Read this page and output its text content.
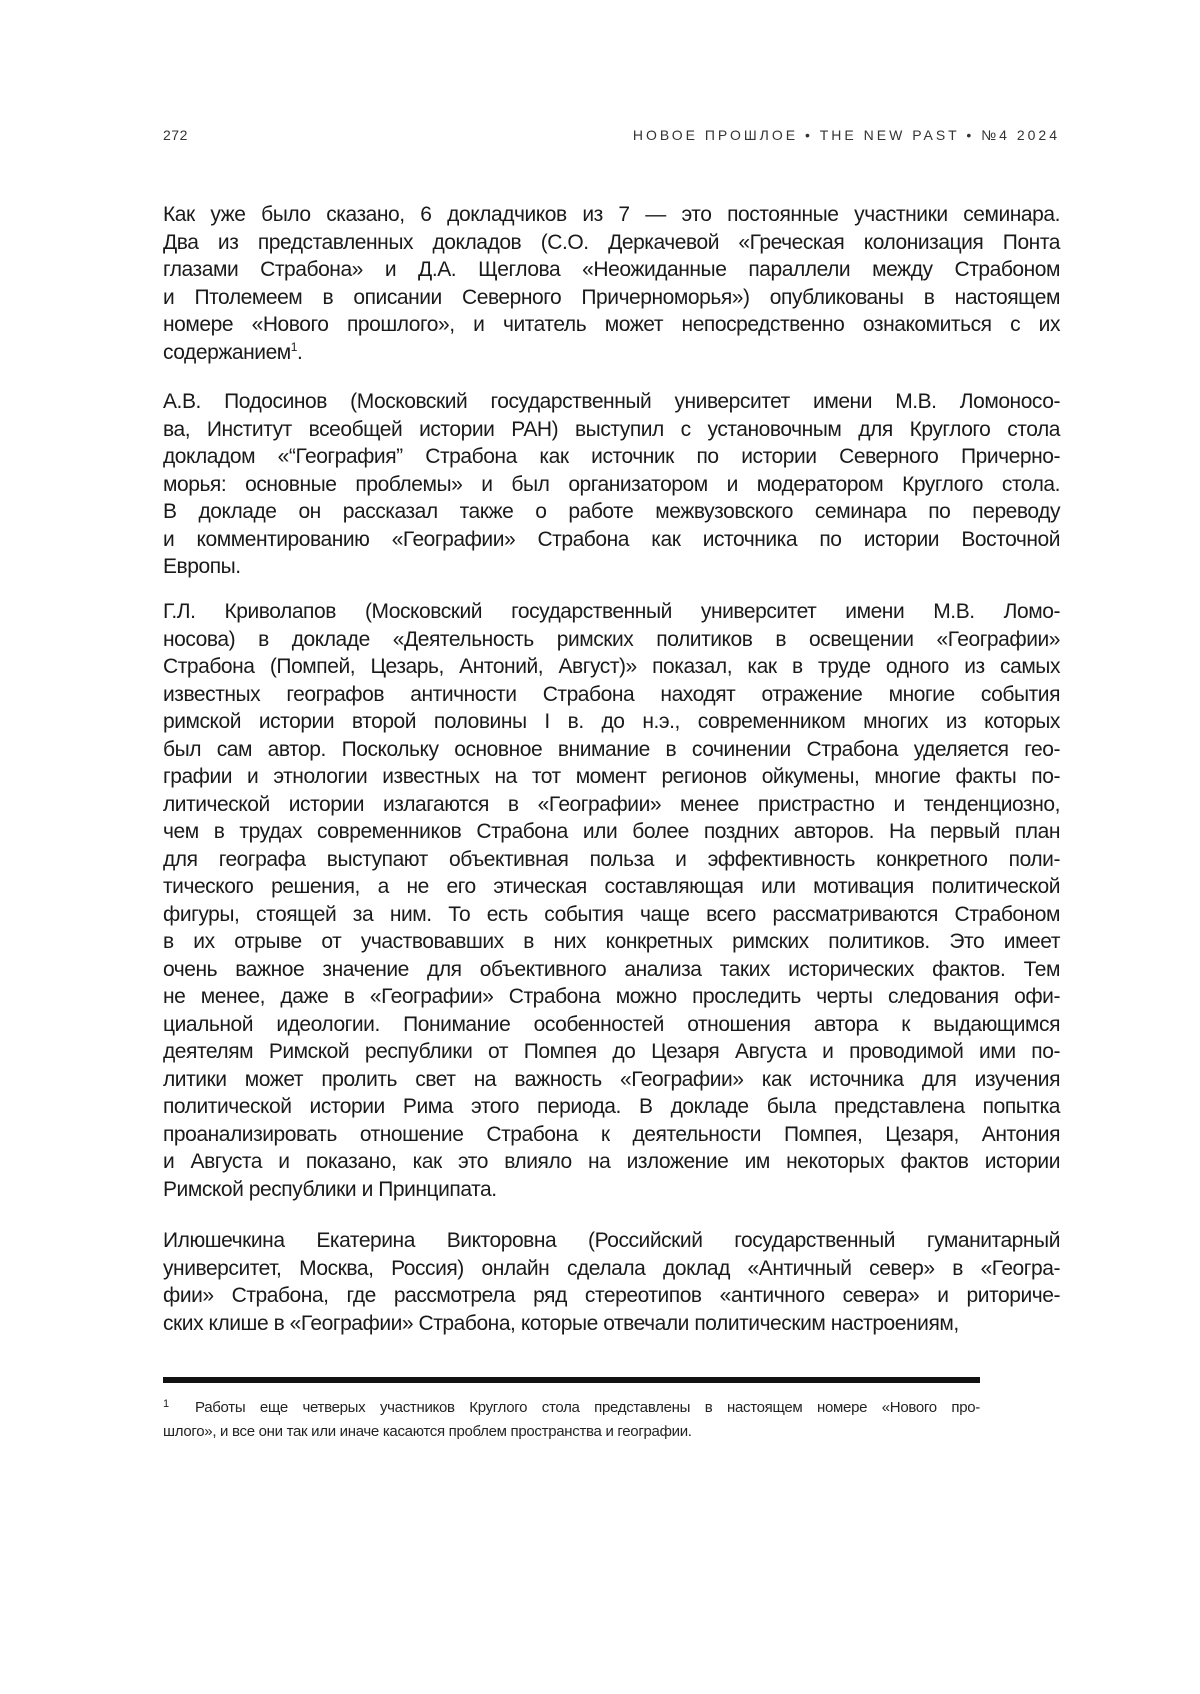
272	НОВОЕ ПРОШЛОЕ • THE NEW PAST • №4 2024
Как уже было сказано, 6 докладчиков из 7 — это постоянные участники семинара.
Два из представленных докладов (С.О. Деркачевой «Греческая колонизация Понта
глазами Страбона» и Д.А. Щеглова «Неожиданные параллели между Страбоном
и Птолемеем в описании Северного Причерноморья») опубликованы в настоящем
номере «Нового прошлого», и читатель может непосредственно ознакомиться с их
содержанием1.
А.В. Подосинов (Московский государственный университет имени М.В. Ломоносо-
ва, Институт всеобщей истории РАН) выступил с установочным для Круглого стола
докладом «“География” Страбона как источник по истории Северного Причерно-
морья: основные проблемы» и был организатором и модератором Круглого стола.
В докладе он рассказал также о работе межвузовского семинара по переводу
и комментированию «Географии» Страбона как источника по истории Восточной
Европы.
Г.Л. Криволапов (Московский государственный университет имени М.В. Ломо-
носова) в докладе «Деятельность римских политиков в освещении «Географии»
Страбона (Помпей, Цезарь, Антоний, Август)» показал, как в труде одного из самых
известных географов античности Страбона находят отражение многие события
римской истории второй половины I в. до н.э., современником многих из которых
был сам автор. Поскольку основное внимание в сочинении Страбона уделяется гео-
графии и этнологии известных на тот момент регионов ойкумены, многие факты по-
литической истории излагаются в «Географии» менее пристрастно и тенденциозно,
чем в трудах современников Страбона или более поздних авторов. На первый план
для географа выступают объективная польза и эффективность конкретного поли-
тического решения, а не его этическая составляющая или мотивация политической
фигуры, стоящей за ним. То есть события чаще всего рассматриваются Страбоном
в их отрыве от участвовавших в них конкретных римских политиков. Это имеет
очень важное значение для объективного анализа таких исторических фактов. Тем
не менее, даже в «Географии» Страбона можно проследить черты следования офи-
циальной идеологии. Понимание особенностей отношения автора к выдающимся
деятелям Римской республики от Помпея до Цезаря Августа и проводимой ими по-
литики может пролить свет на важность «Географии» как источника для изучения
политической истории Рима этого периода. В докладе была представлена попытка
проанализировать отношение Страбона к деятельности Помпея, Цезаря, Антония
и Августа и показано, как это влияло на изложение им некоторых фактов истории
Римской республики и Принципата.
Илюшечкина Екатерина Викторовна (Российский государственный гуманитарный
университет, Москва, Россия) онлайн сделала доклад «Античный север» в «Геогра-
фии» Страбона, где рассмотрела ряд стереотипов «античного севера» и риториче-
ских клише в «Географии» Страбона, которые отвечали политическим настроениям,
1 Работы еще четверых участников Круглого стола представлены в настоящем номере «Нового про-
шлого», и все они так или иначе касаются проблем пространства и географии.
